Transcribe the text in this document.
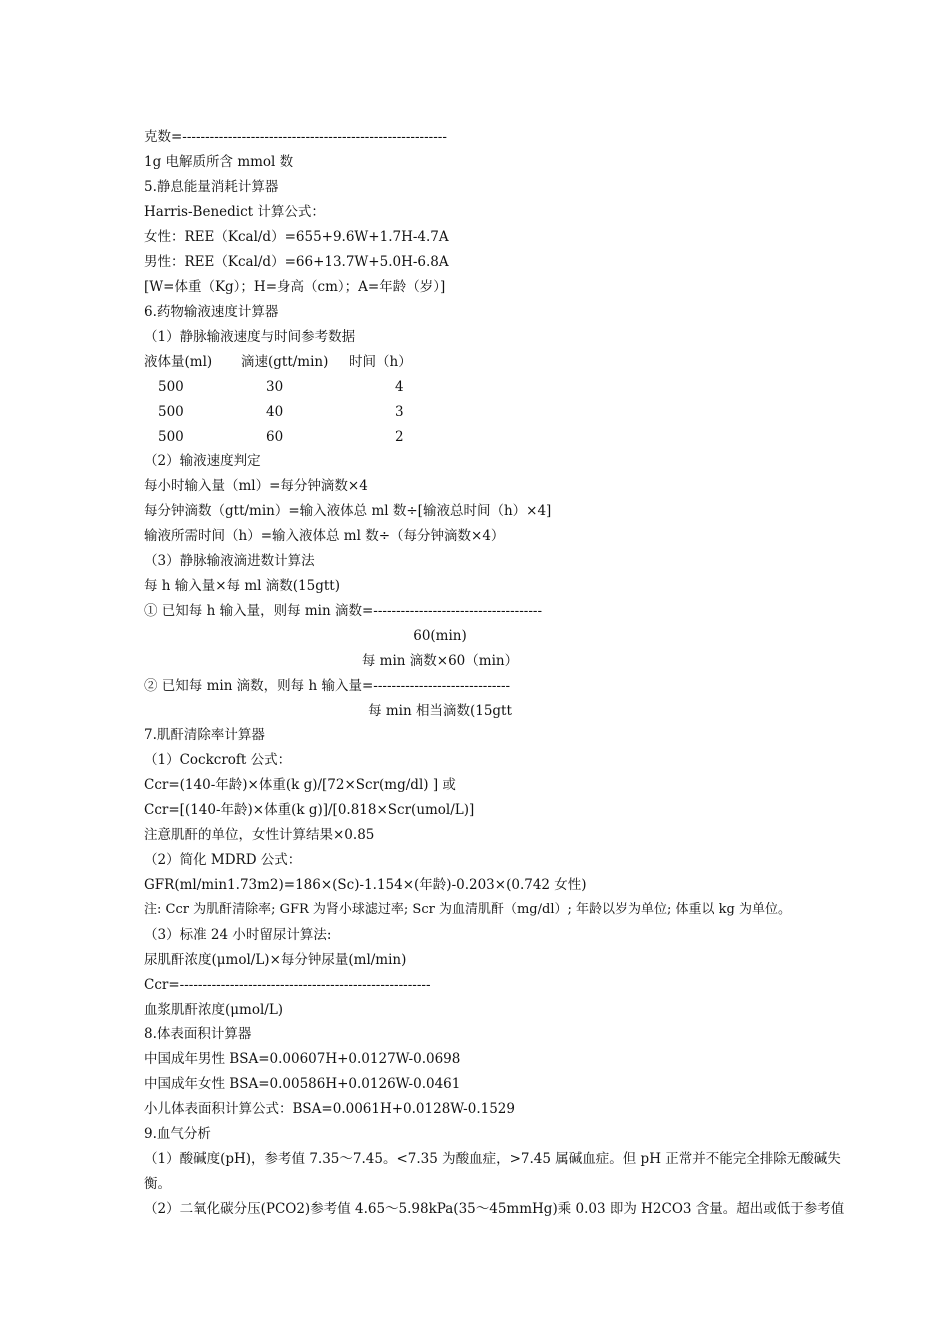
克数=----------------------------------------------------------

1g 电解质所含 mmol 数

5.静息能量消耗计算器

Harris-Benedict 计算公式：

女性：REE（Kcal/d）=655+9.6W+1.7H-4.7A

男性：REE（Kcal/d）=66+13.7W+5.0H-6.8A

[W=体重（Kg）；H=身高（cm）；A=年龄（岁）]

6.药物输液速度计算器

（1）静脉输液速度与时间参考数据

液体量(ml) 滴速(gtt/min) 时间（h）
500	30	4
500	40	3
500	60	2

（2）输液速度判定

每小时输入量（ml）=每分钟滴数×4

每分钟滴数（gtt/min）=输入液体总 ml 数÷[输液总时间（h）×4]

输液所需时间（h）=输入液体总 ml 数÷（每分钟滴数×4）

（3）静脉输液滴进数计算法

每 h 输入量×每 ml 滴数(15gtt)

① 已知每 h 输入量，则每 min 滴数=-------------------------------------

60(min)

每 min 滴数×60（min）

② 已知每 min 滴数，则每 h 输入量=------------------------------

每 min 相当滴数(15gtt

7.肌酐清除率计算器

（1）Cockcroft 公式：

Ccr=(140-年龄)×体重(k g)/[72×Scr(mg/dl) ] 或

Ccr=[(140-年龄)×体重(k g)]/[0.818×Scr(umol/L)]

注意肌酐的单位，女性计算结果×0.85

（2）简化 MDRD 公式：

GFR(ml/min1.73m2)=186×(Sc)-1.154×(年龄)-0.203×(0.742 女性)

注: Ccr 为肌酐清除率; GFR 为肾小球滤过率; Scr 为血清肌酐（mg/dl）; 年龄以岁为单位; 体重以 kg 为单位。

（3）标准 24 小时留尿计算法:

尿肌酐浓度(μmol/L)×每分钟尿量(ml/min)

Ccr=-------------------------------------------------------

血浆肌酐浓度(μmol/L)

8.体表面积计算器

中国成年男性 BSA=0.00607H+0.0127W-0.0698

中国成年女性 BSA=0.00586H+0.0126W-0.0461

小儿体表面积计算公式：BSA=0.0061H+0.0128W-0.1529

9.血气分析

（1）酸碱度(pH)，参考值 7.35～7.45。<7.35 为酸血症，>7.45 属碱血症。但 pH 正常并不能完全排除无酸碱失

衡。

（2）二氧化碳分压(PCO2)参考值 4.65～5.98kPa(35～45mmHg)乘 0.03 即为 H2CO3 含量。超出或低于参考值
